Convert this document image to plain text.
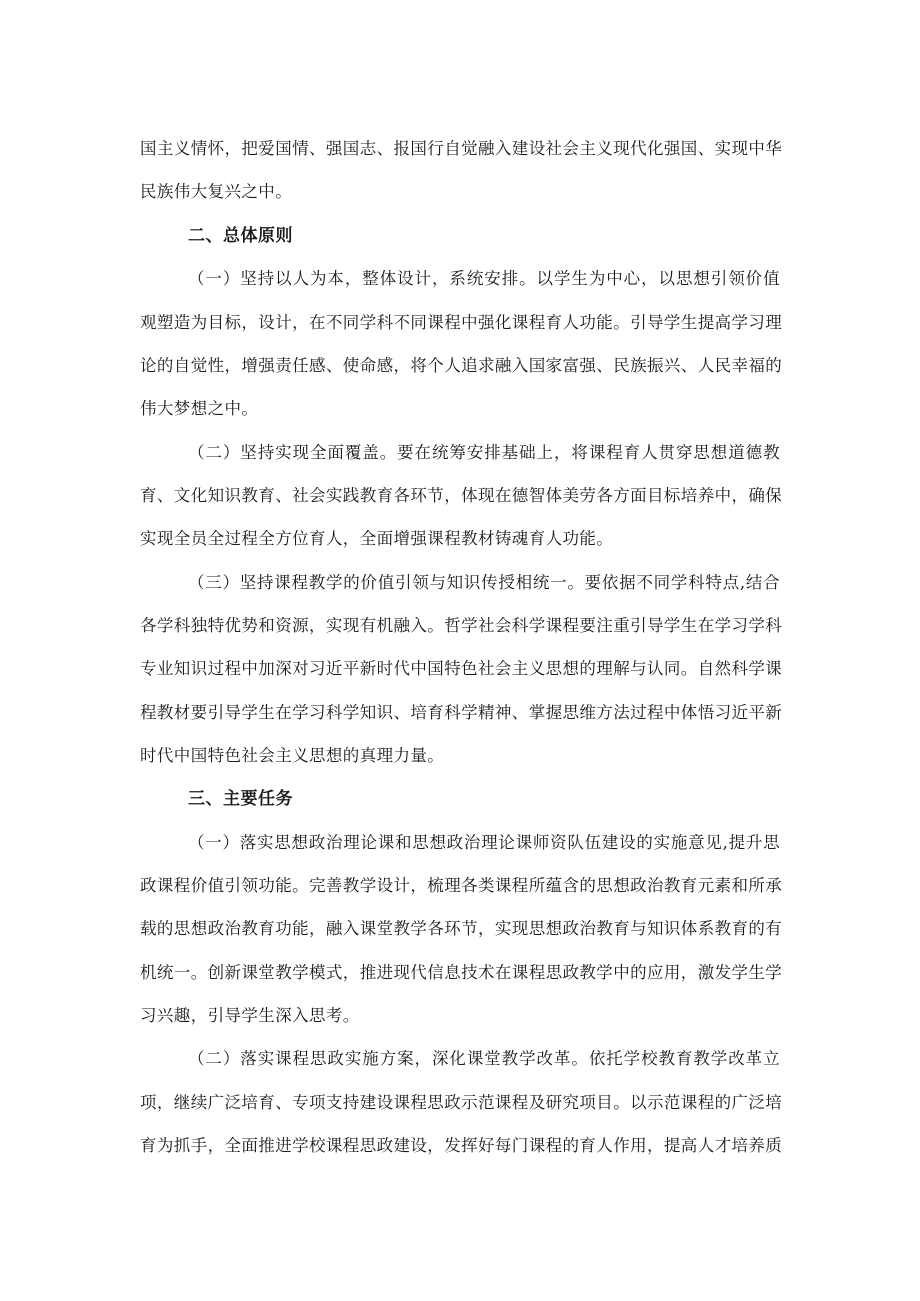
国主义情怀，把爱国情、强国志、报国行自觉融入建设社会主义现代化强国、实现中华
民族伟大复兴之中。
二、总体原则
（一）坚持以人为本，整体设计，系统安排。以学生为中心，以思想引领价值
观塑造为目标，设计，在不同学科不同课程中强化课程育人功能。引导学生提高学习理
论的自觉性，增强责任感、使命感，将个人追求融入国家富强、民族振兴、人民幸福的
伟大梦想之中。
（二）坚持实现全面覆盖。要在统筹安排基础上，将课程育人贯穿思想道德教
育、文化知识教育、社会实践教育各环节，体现在德智体美劳各方面目标培养中，确保
实现全员全过程全方位育人，全面增强课程教材铸魂育人功能。
（三）坚持课程教学的价值引领与知识传授相统一。要依据不同学科特点,结合
各学科独特优势和资源，实现有机融入。哲学社会科学课程要注重引导学生在学习学科
专业知识过程中加深对习近平新时代中国特色社会主义思想的理解与认同。自然科学课
程教材要引导学生在学习科学知识、培育科学精神、掌握思维方法过程中体悟习近平新
时代中国特色社会主义思想的真理力量。
三、主要任务
（一）落实思想政治理论课和思想政治理论课师资队伍建设的实施意见,提升思
政课程价值引领功能。完善教学设计，梳理各类课程所蕴含的思想政治教育元素和所承
载的思想政治教育功能，融入课堂教学各环节，实现思想政治教育与知识体系教育的有
机统一。创新课堂教学模式，推进现代信息技术在课程思政教学中的应用，激发学生学
习兴趣，引导学生深入思考。
（二）落实课程思政实施方案，深化课堂教学改革。依托学校教育教学改革立
项，继续广泛培育、专项支持建设课程思政示范课程及研究项目。以示范课程的广泛培
育为抓手，全面推进学校课程思政建设，发挥好每门课程的育人作用，提高人才培养质
